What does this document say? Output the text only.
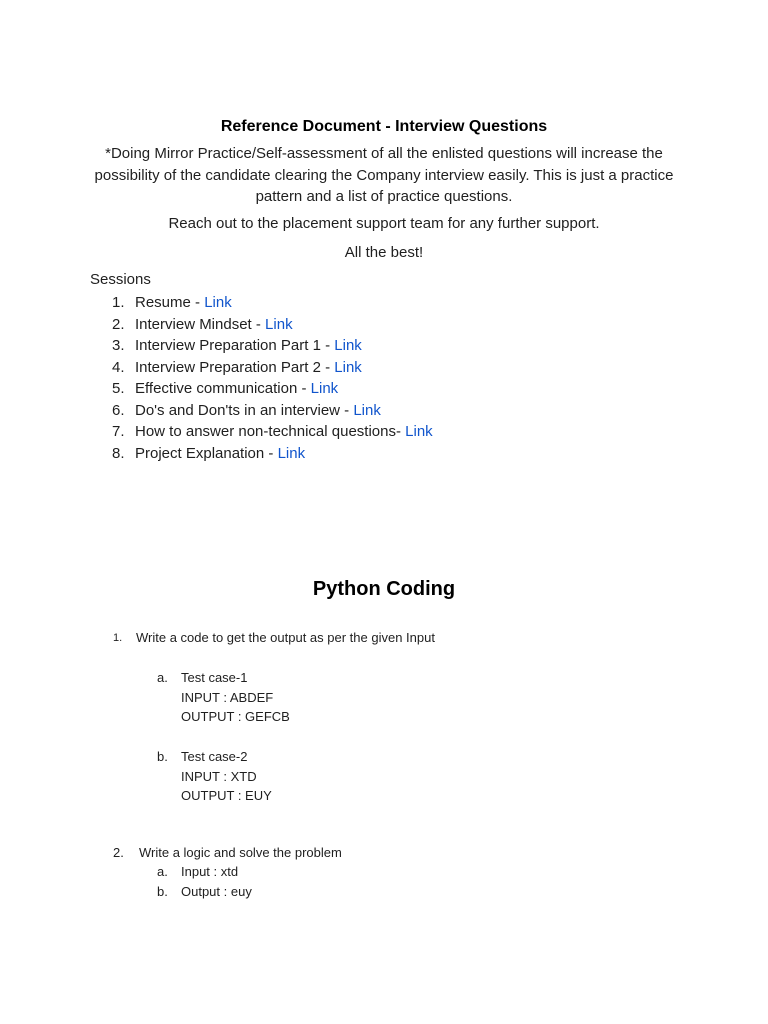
Reference Document - Interview Questions
*Doing Mirror Practice/Self-assessment of all the enlisted questions will increase the possibility of the candidate clearing the Company interview easily. This is just a practice pattern and a list of practice questions.
Reach out to the placement support team for any further support.
All the best!
Sessions
1. Resume - Link
2. Interview Mindset - Link
3. Interview Preparation Part 1 - Link
4. Interview Preparation Part 2 - Link
5. Effective communication - Link
6. Do's and Don'ts in an interview - Link
7. How to answer non-technical questions- Link
8. Project Explanation - Link
Python Coding
1. Write a code to get the output as per the given Input
a. Test case-1
INPUT : ABDEF
OUTPUT : GEFCB
b. Test case-2
INPUT : XTD
OUTPUT : EUY
2. Write a logic and solve the problem
a. Input : xtd
b. Output : euy
